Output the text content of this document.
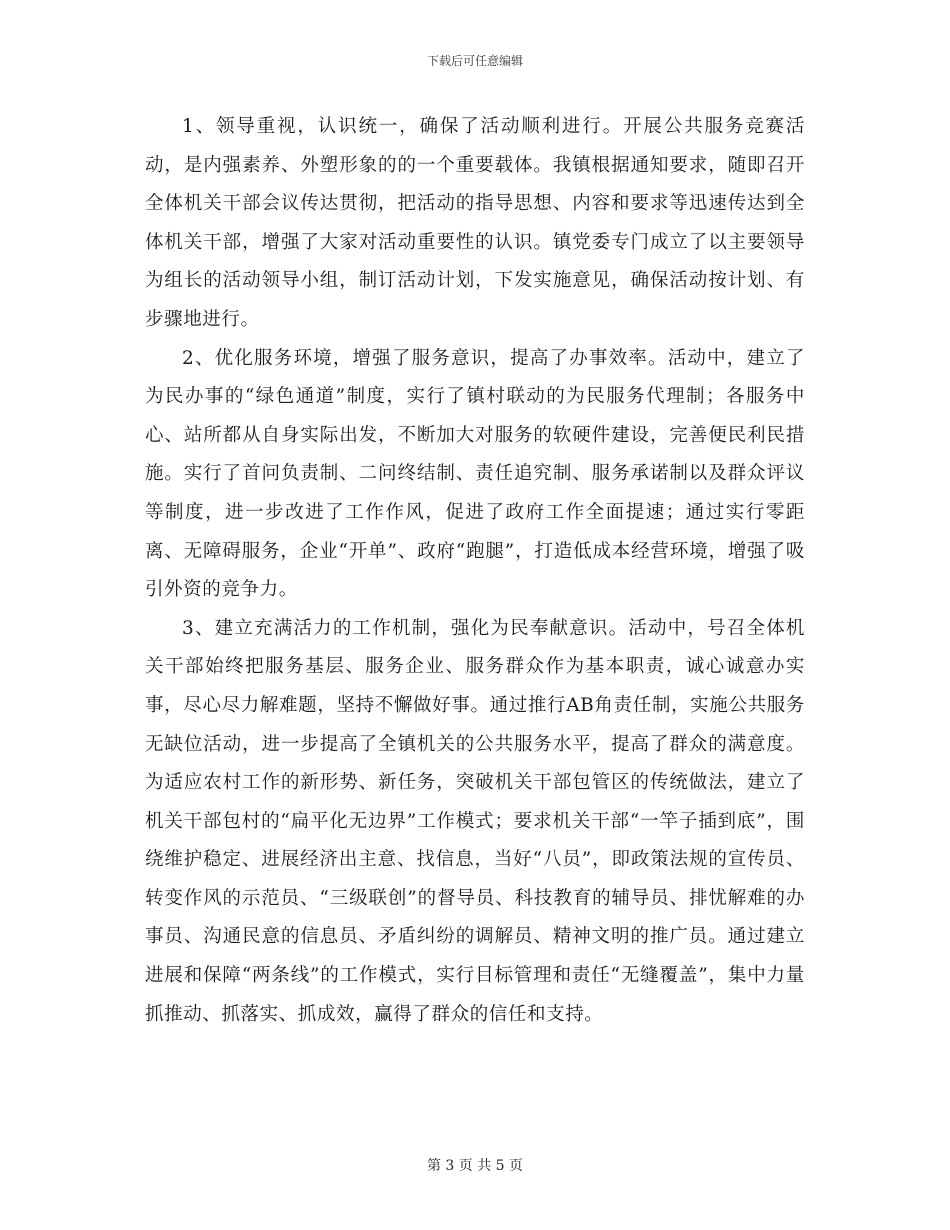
下载后可任意编辑

1、领导重视，认识统一，确保了活动顺利进行。开展公共服务竞赛活动，是内强素养、外塑形象的的一个重要载体。我镇根据通知要求，随即召开全体机关干部会议传达贯彻，把活动的指导思想、内容和要求等迅速传达到全体机关干部，增强了大家对活动重要性的认识。镇党委专门成立了以主要领导为组长的活动领导小组，制订活动计划，下发实施意见，确保活动按计划、有步骤地进行。

2、优化服务环境，增强了服务意识，提高了办事效率。活动中，建立了为民办事的“绿色通道”制度，实行了镇村联动的为民服务代理制；各服务中心、站所都从自身实际出发，不断加大对服务的软硬件建设，完善便民利民措施。实行了首问负责制、二问终结制、责任追究制、服务承诺制以及群众评议等制度，进一步改进了工作作风，促进了政府工作全面提速；通过实行零距离、无障碍服务，企业“开单”、政府“跑腿”，打造低成本经营环境，增强了吸引外资的竞争力。

3、建立充满活力的工作机制，强化为民奉献意识。活动中，号召全体机关干部始终把服务基层、服务企业、服务群众作为基本职责，诚心诚意办实事，尽心尽力解难题，坚持不懈做好事。通过推行AB角责任制，实施公共服务无缺位活动，进一步提高了全镇机关的公共服务水平，提高了群众的满意度。为适应农村工作的新形势、新任务，突破机关干部包管区的传统做法，建立了机关干部包村的“扁平化无边界”工作模式；要求机关干部“一竿子插到底”，围绕维护稳定、进展经济出主意、找信息，当好“八员”，即政策法规的宣传员、转变作风的示范员、“三级联创”的督导员、科技教育的辅导员、排忧解难的办事员、沟通民意的信息员、矛盾纠纷的调解员、精神文明的推广员。通过建立进展和保障“两条线”的工作模式，实行目标管理和责任“无缝覆盖”，集中力量抓推动、抓落实、抓成效，赢得了群众的信任和支持。

第 3 页 共 5 页
